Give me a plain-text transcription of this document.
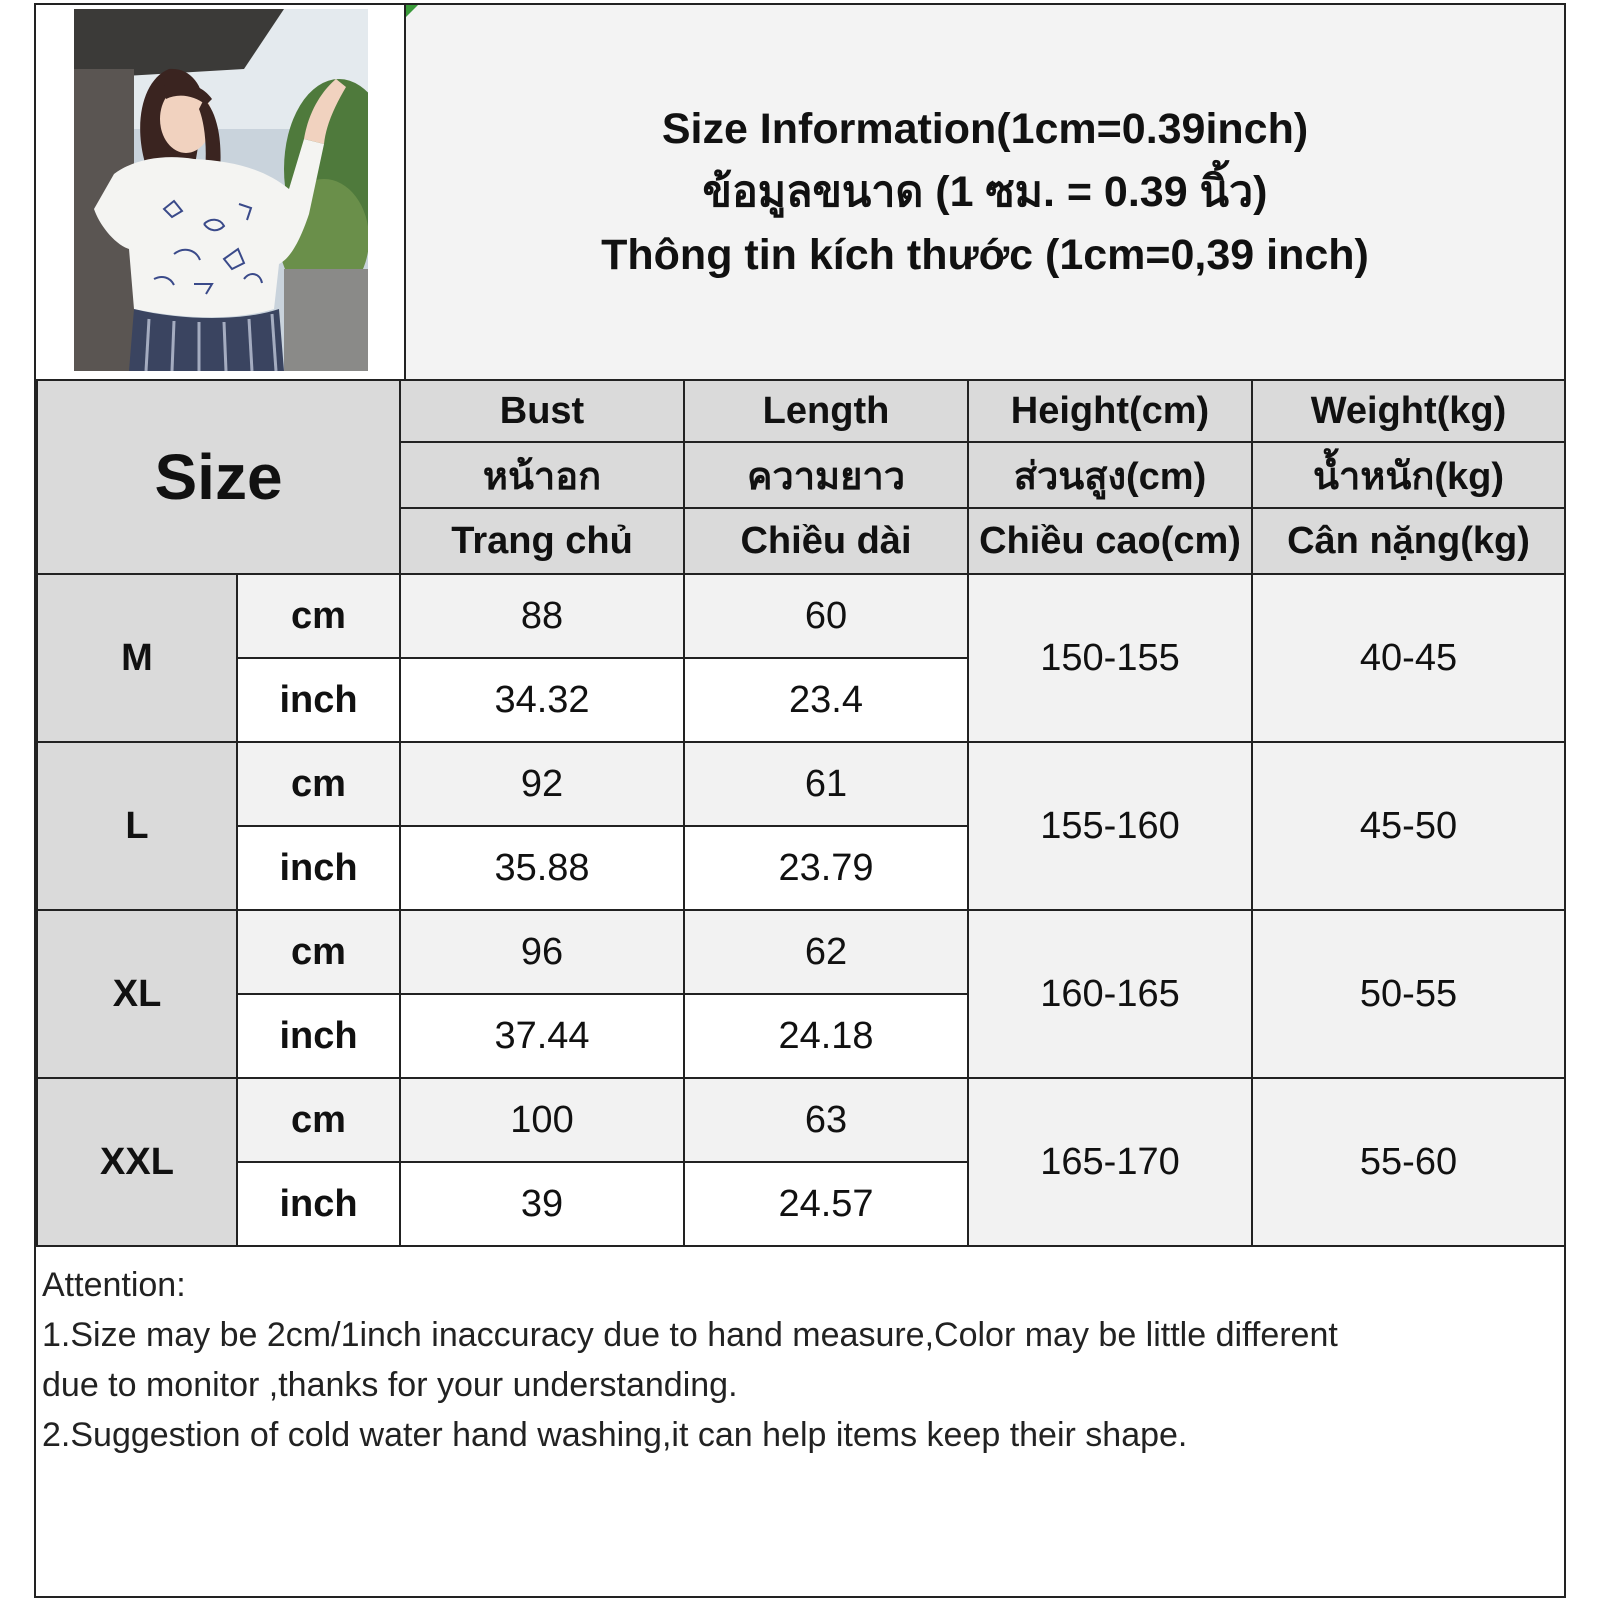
Size Information(1cm=0.39inch)
ข้อมูลขนาด (1 ซม. = 0.39 นิ้ว)
Thông tin kích thước (1cm=0,39 inch)
Size		Bust	Length	Height(cm)	Weight(kg)
		หน้าอก	ความยาว	ส่วนสูง(cm)	น้ำหนัก(kg)
		Trang chủ	Chiều dài	Chiều cao(cm)	Cân nặng(kg)
M	cm	88	60	150-155	40-45
	inch	34.32	23.4		
L	cm	92	61	155-160	45-50
	inch	35.88	23.79		
XL	cm	96	62	160-165	50-55
	inch	37.44	24.18		
XXL	cm	100	63	165-170	55-60
	inch	39	24.57		
Attention:
1.Size may be 2cm/1inch inaccuracy due to hand measure,Color may be little different
due to monitor ,thanks for your understanding.
2.Suggestion of cold water hand washing,it can help items keep their shape.
